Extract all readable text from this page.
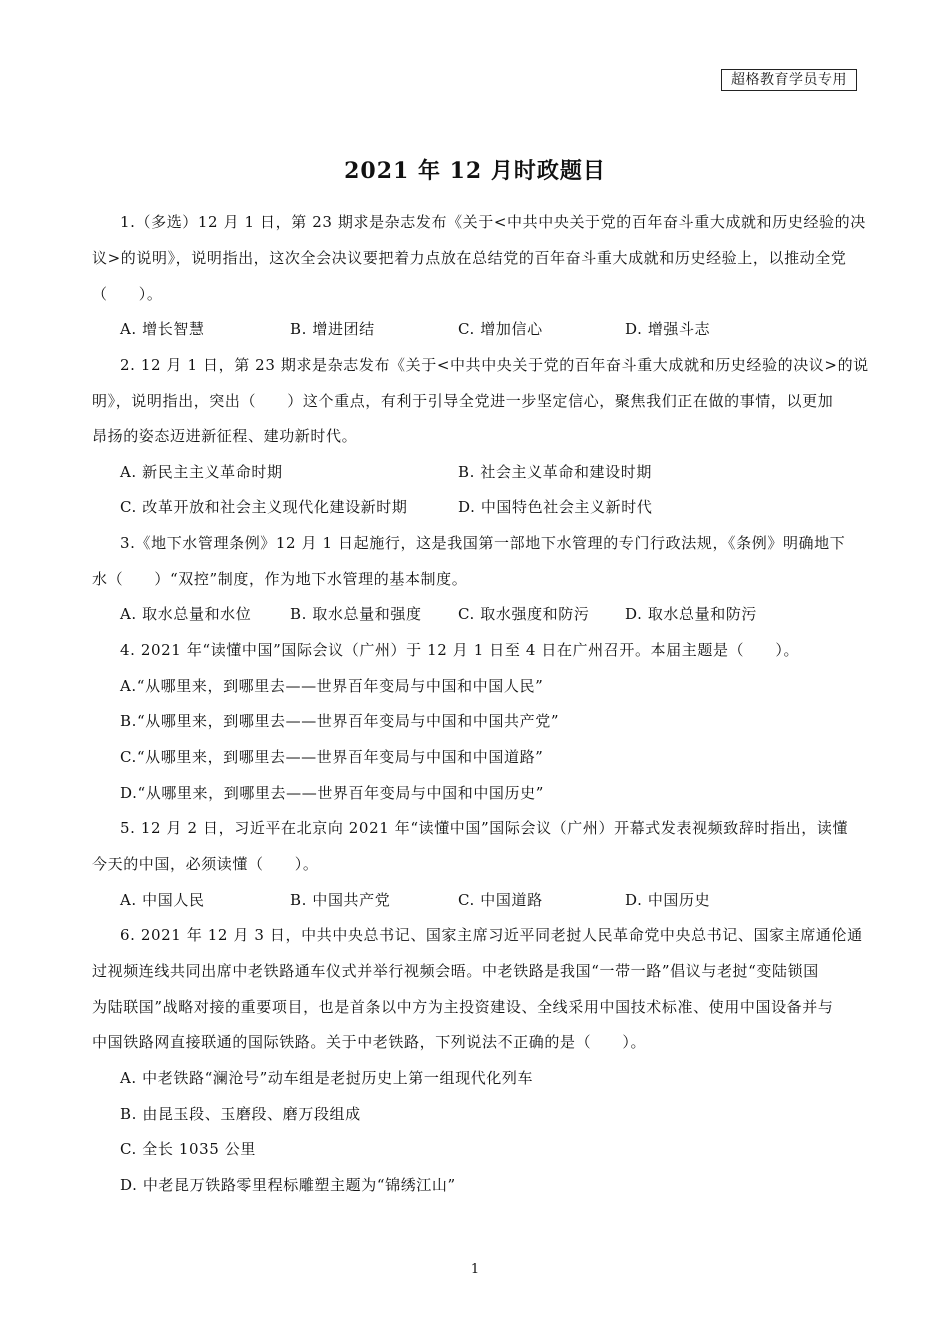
超格教育学员专用
2021 年 12 月时政题目
1.（多选）12 月 1 日，第 23 期求是杂志发布《关于<中共中央关于党的百年奋斗重大成就和历史经验的决
议>的说明》，说明指出，这次全会决议要把着力点放在总结党的百年奋斗重大成就和历史经验上，以推动全党
（　　）。
A. 增长智慧	B. 增进团结	C. 增加信心	D. 增强斗志
2. 12 月 1 日，第 23 期求是杂志发布《关于<中共中央关于党的百年奋斗重大成就和历史经验的决议>的说
明》，说明指出，突出（　　）这个重点，有利于引导全党进一步坚定信心，聚焦我们正在做的事情，以更加
昂扬的姿态迈进新征程、建功新时代。
A. 新民主主义革命时期	B. 社会主义革命和建设时期
C. 改革开放和社会主义现代化建设新时期	D. 中国特色社会主义新时代
3.《地下水管理条例》12 月 1 日起施行，这是我国第一部地下水管理的专门行政法规，《条例》明确地下
水（　　）“双控”制度，作为地下水管理的基本制度。
A. 取水总量和水位	B. 取水总量和强度 C. 取水强度和防污 D. 取水总量和防污
4. 2021 年“读懂中国”国际会议（广州）于 12 月 1 日至 4 日在广州召开。本届主题是（　　）。
A.“从哪里来，到哪里去——世界百年变局与中国和中国人民”
B.“从哪里来，到哪里去——世界百年变局与中国和中国共产党”
C.“从哪里来，到哪里去——世界百年变局与中国和中国道路”
D.“从哪里来，到哪里去——世界百年变局与中国和中国历史”
5. 12 月 2 日，习近平在北京向 2021 年“读懂中国”国际会议（广州）开幕式发表视频致辞时指出，读懂
今天的中国，必须读懂（　　）。
A. 中国人民	B. 中国共产党	C. 中国道路	D. 中国历史
6. 2021 年 12 月 3 日，中共中央总书记、国家主席习近平同老挝人民革命党中央总书记、国家主席通伦通
过视频连线共同出席中老铁路通车仪式并举行视频会晤。中老铁路是我国“一带一路”倡议与老挝“变陆锁国
为陆联国”战略对接的重要项目，也是首条以中方为主投资建设、全线采用中国技术标准、使用中国设备并与
中国铁路网直接联通的国际铁路。关于中老铁路，下列说法不正确的是（　　）。
A. 中老铁路“澜沧号”动车组是老挝历史上第一组现代化列车
B. 由昆玉段、玉磨段、磨万段组成
C. 全长 1035 公里
D. 中老昆万铁路零里程标雕塑主题为“锦绣江山”
1
